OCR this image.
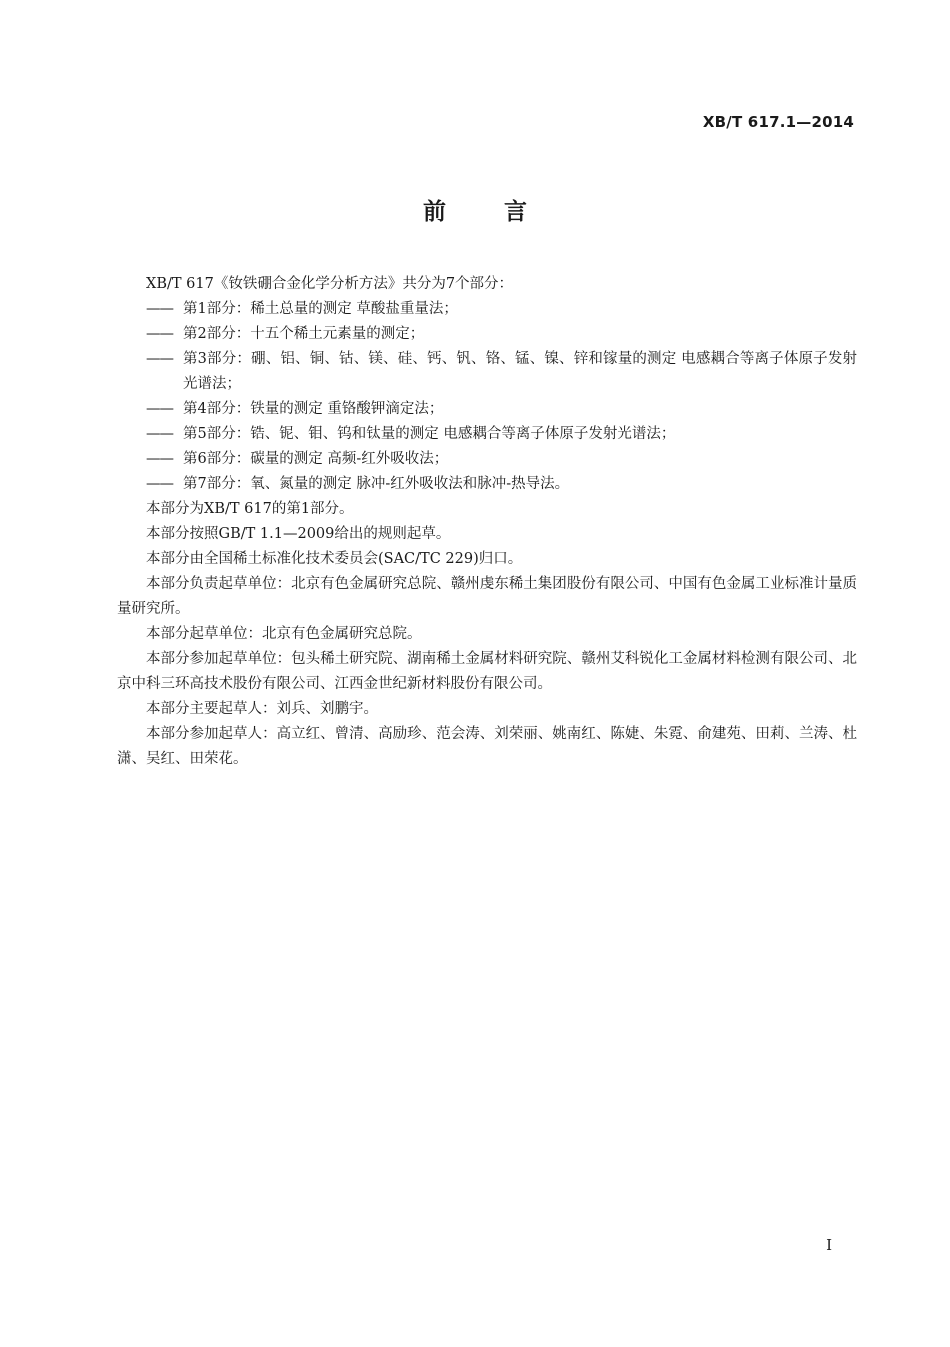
XB/T 617.1—2014
前言

XB/T 617《钕铁硼合金化学分析方法》共分为7个部分：

—— 第1部分：稀土总量的测定 草酸盐重量法；

—— 第2部分：十五个稀土元素量的测定；

—— 第3部分：硼、铝、铜、钴、镁、硅、钙、钒、铬、锰、镍、锌和镓量的测定 电感耦合等离子体原子发射光谱法；

—— 第4部分：铁量的测定 重铬酸钾滴定法；

—— 第5部分：锆、铌、钼、钨和钛量的测定 电感耦合等离子体原子发射光谱法；

—— 第6部分：碳量的测定 高频-红外吸收法；

—— 第7部分：氧、氮量的测定 脉冲-红外吸收法和脉冲-热导法。

本部分为XB/T 617的第1部分。

本部分按照GB/T 1.1—2009给出的规则起草。

本部分由全国稀土标准化技术委员会(SAC/TC 229)归口。

本部分负责起草单位：北京有色金属研究总院、赣州虔东稀土集团股份有限公司、中国有色金属工业标准计量质量研究所。

本部分起草单位：北京有色金属研究总院。

本部分参加起草单位：包头稀土研究院、湖南稀土金属材料研究院、赣州艾科锐化工金属材料检测有限公司、北京中科三环高技术股份有限公司、江西金世纪新材料股份有限公司。

本部分主要起草人：刘兵、刘鹏宇。

本部分参加起草人：高立红、曾清、高励珍、范会涛、刘荣丽、姚南红、陈婕、朱霓、俞建苑、田莉、兰涛、杜潇、吴红、田荣花。

I
